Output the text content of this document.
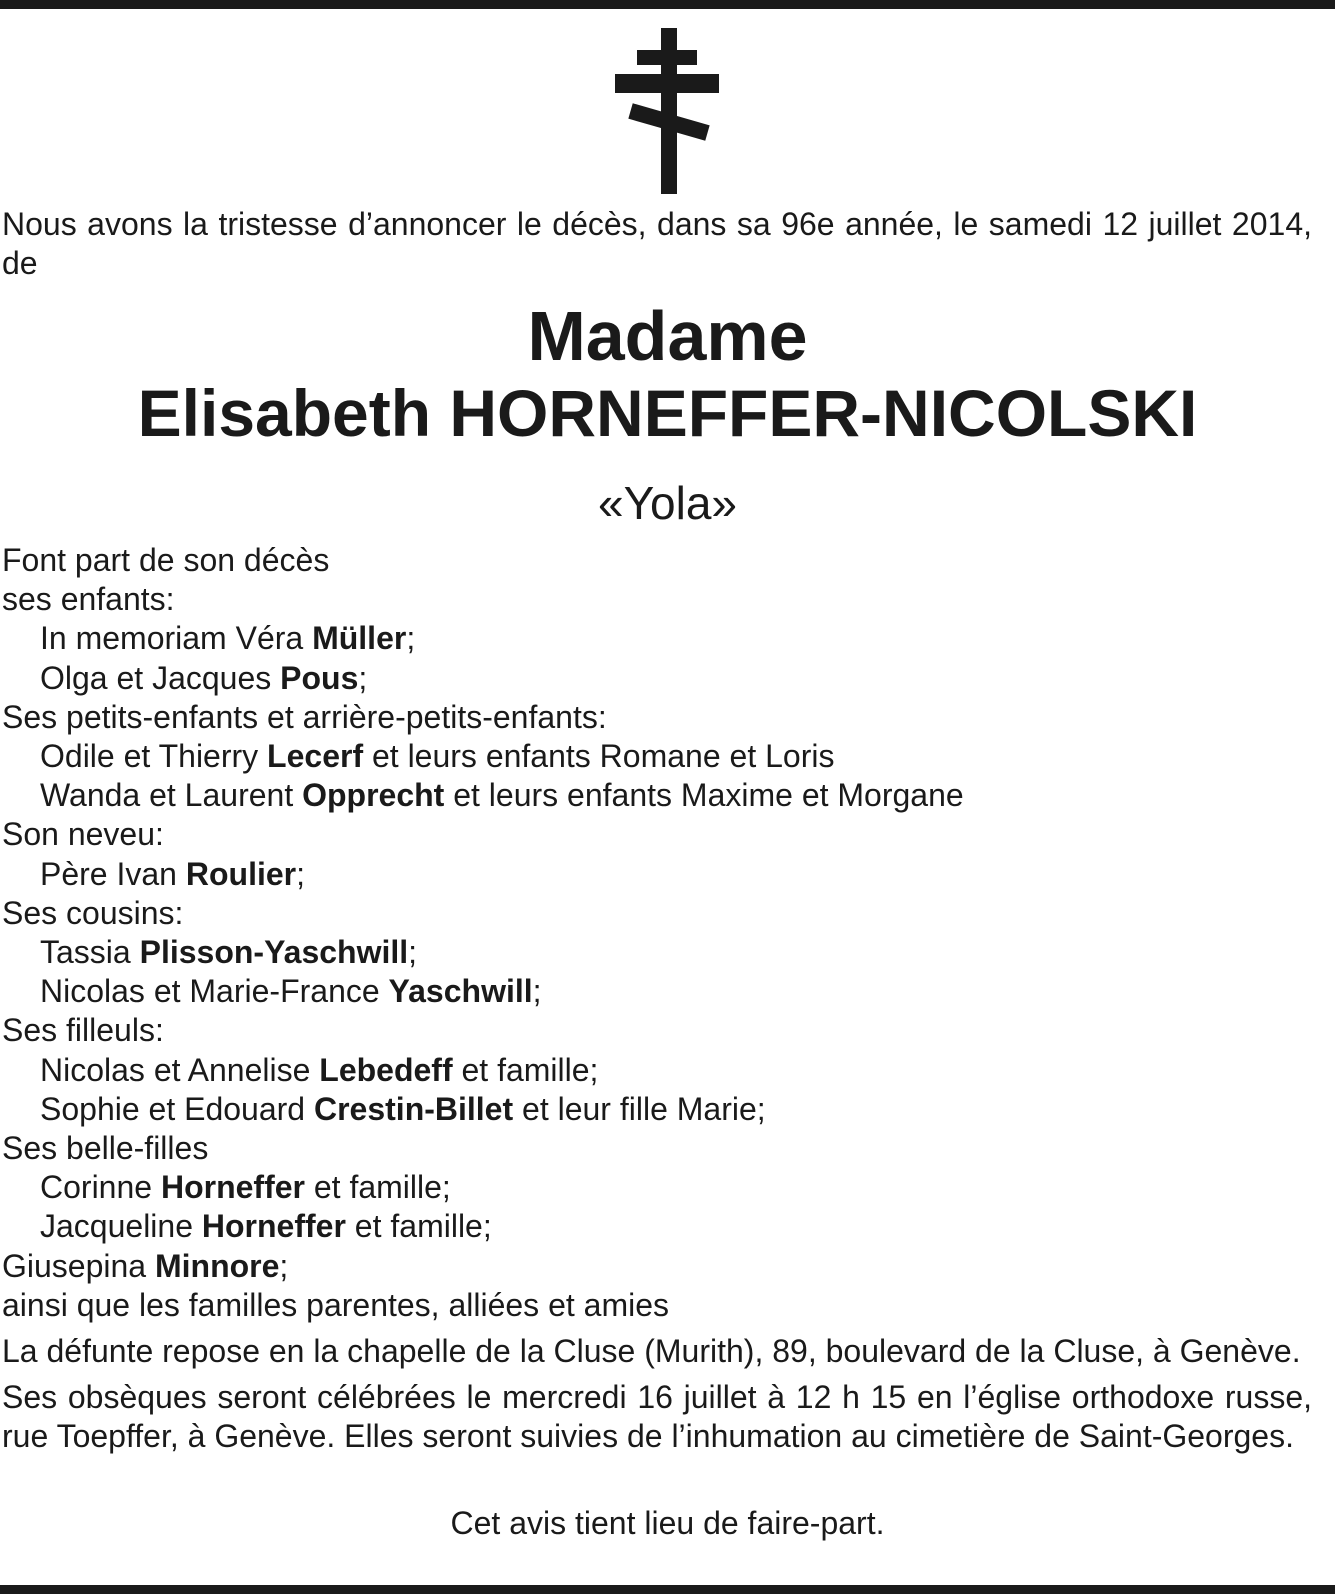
Nous avons la tristesse d’annoncer le décès, dans sa 96e année, le samedi 12 juillet 2014, de
Madame
Elisabeth HORNEFFER-NICOLSKI
«Yola»
Font part de son décès
ses enfants:
In memoriam Véra Müller;
Olga et Jacques Pous;
Ses petits-enfants et arrière-petits-enfants:
Odile et Thierry Lecerf et leurs enfants Romane et Loris
Wanda et Laurent Opprecht et leurs enfants Maxime et Morgane
Son neveu:
Père Ivan Roulier;
Ses cousins:
Tassia Plisson-Yaschwill;
Nicolas et Marie-France Yaschwill;
Ses filleuls:
Nicolas et Annelise Lebedeff et famille;
Sophie et Edouard Crestin-Billet et leur fille Marie;
Ses belle-filles
Corinne Horneffer et famille;
Jacqueline Horneffer et famille;
Giusepina Minnore;
ainsi que les familles parentes, alliées et amies
La défunte repose en la chapelle de la Cluse (Murith), 89, boulevard de la Cluse, à Genève.
Ses obsèques seront célébrées le mercredi 16 juillet à 12 h 15 en l’église orthodoxe russe, rue Toepffer, à Genève. Elles seront suivies de l’inhumation au cimetière de Saint-Georges.
Cet avis tient lieu de faire-part.
